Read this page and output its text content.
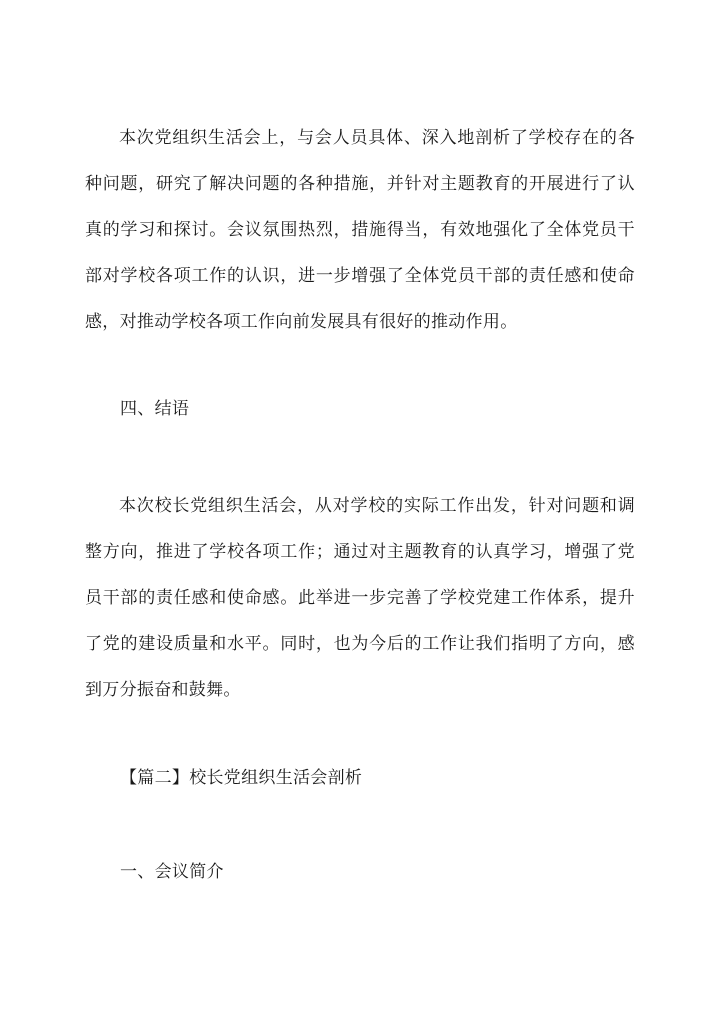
本次党组织生活会上，与会人员具体、深入地剖析了学校存在的各种问题，研究了解决问题的各种措施，并针对主题教育的开展进行了认真的学习和探讨。会议氛围热烈，措施得当，有效地强化了全体党员干部对学校各项工作的认识，进一步增强了全体党员干部的责任感和使命感，对推动学校各项工作向前发展具有很好的推动作用。

四、结语

本次校长党组织生活会，从对学校的实际工作出发，针对问题和调整方向，推进了学校各项工作；通过对主题教育的认真学习，增强了党员干部的责任感和使命感。此举进一步完善了学校党建工作体系，提升了党的建设质量和水平。同时，也为今后的工作让我们指明了方向，感到万分振奋和鼓舞。

【篇二】校长党组织生活会剖析

一、会议简介
